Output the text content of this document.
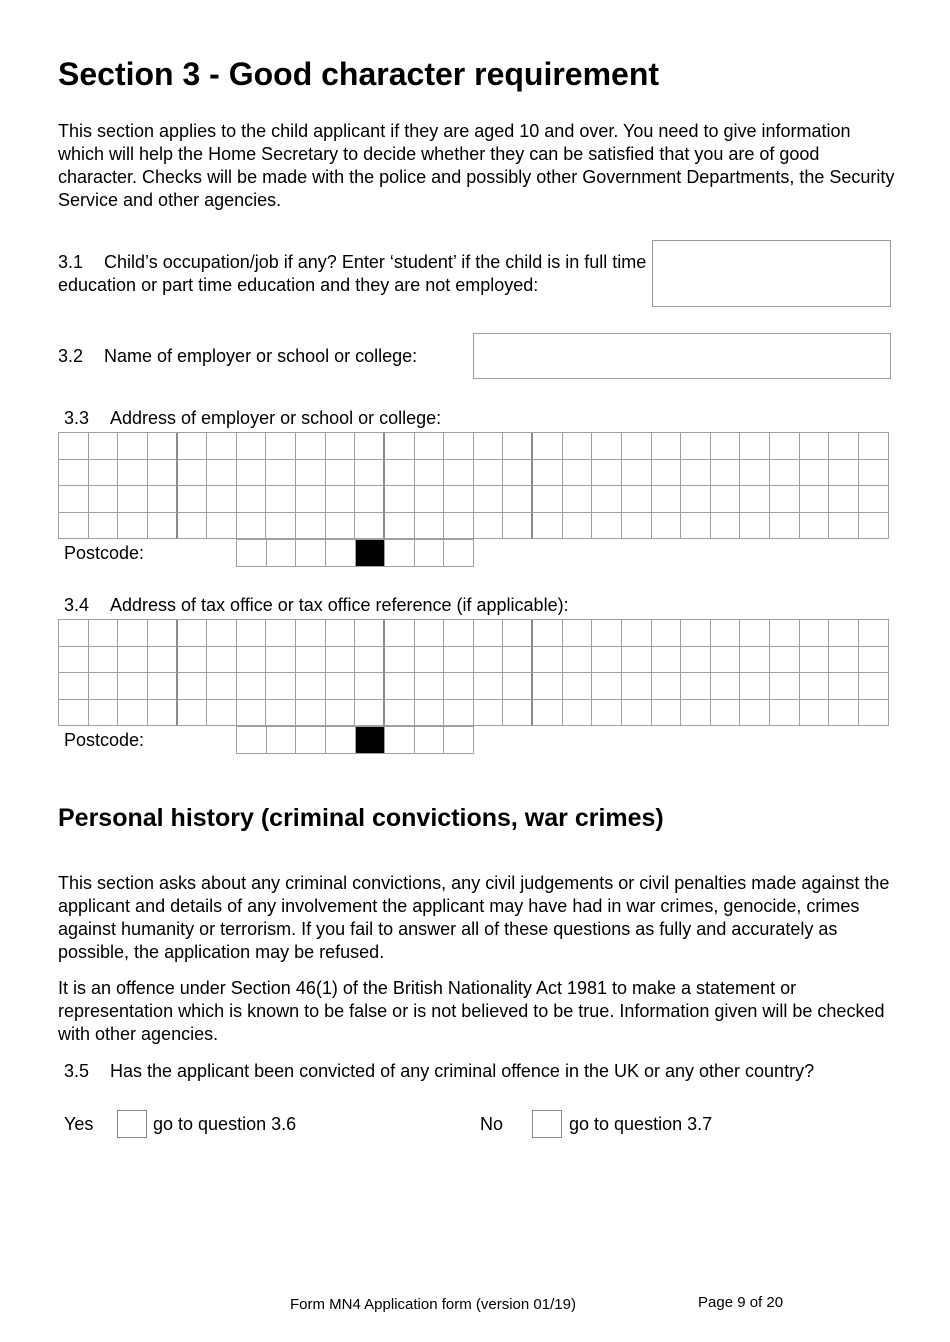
Section 3 - Good character requirement

This section applies to the child applicant if they are aged 10 and over. You need to give information which will help the Home Secretary to decide whether they can be satisfied that you are of good character. Checks will be made with the police and possibly other Government Departments, the Security Service and other agencies.

3.1 Child’s occupation/job if any? Enter ‘student’ if the child is in full time education or part time education and they are not employed:
3.2 Name of employer or school or college:
3.3 Address of employer or school or college:
Postcode:
3.4 Address of tax office or tax office reference (if applicable):
Postcode:
Personal history (criminal convictions, war crimes)

This section asks about any criminal convictions, any civil judgements or civil penalties made against the applicant and details of any involvement the applicant may have had in war crimes, genocide, crimes against humanity or terrorism. If you fail to answer all of these questions as fully and accurately as possible, the application may be refused.

It is an offence under Section 46(1) of the British Nationality Act 1981 to make a statement or representation which is known to be false or is not believed to be true. Information given will be checked with other agencies.

3.5 Has the applicant been convicted of any criminal offence in the UK or any other country?
Yes	go to question 3.6	No	go to question 3.7
Form MN4 Application form (version 01/19)	Page 9 of 20
